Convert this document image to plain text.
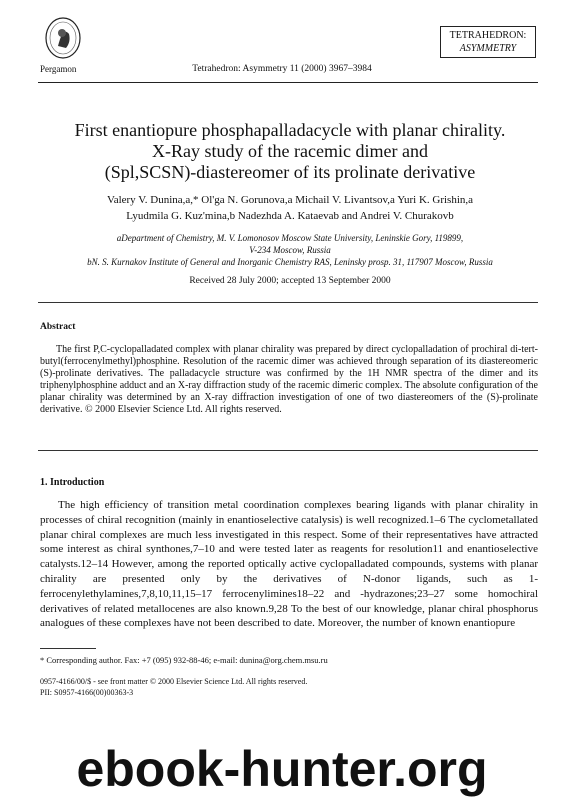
Pergamon	Tetrahedron: Asymmetry 11 (2000) 3967–3984
TETRAHEDRON:
ASYMMETRY
First enantiopure phosphapalladacycle with planar chirality.
X-Ray study of the racemic dimer and
(Spl,SCSN)-diastereomer of its prolinate derivative
Valery V. Dunina,a,* Ol'ga N. Gorunova,a Michail V. Livantsov,a Yuri K. Grishin,a
Lyudmila G. Kuz'mina,b Nadezhda A. Kataevab and Andrei V. Churakovb
aDepartment of Chemistry, M. V. Lomonosov Moscow State University, Leninskie Gory, 119899,
V-234 Moscow, Russia
bN. S. Kurnakov Institute of General and Inorganic Chemistry RAS, Leninsky prosp. 31, 117907 Moscow, Russia
Received 28 July 2000; accepted 13 September 2000
Abstract
The first P,C-cyclopalladated complex with planar chirality was prepared by direct cyclopalladation of prochiral di-tert-butyl(ferrocenylmethyl)phosphine. Resolution of the racemic dimer was achieved through separation of its diastereomeric (S)-prolinate derivatives. The palladacycle structure was confirmed by the 1H NMR spectra of the dimer and its triphenylphosphine adduct and an X-ray diffraction study of the racemic dimeric complex. The absolute configuration of the planar chirality was determined by an X-ray diffraction investigation of one of two diastereomers of the (S)-prolinate derivative. © 2000 Elsevier Science Ltd. All rights reserved.
1. Introduction
The high efficiency of transition metal coordination complexes bearing ligands with planar chirality in processes of chiral recognition (mainly in enantioselective catalysis) is well recognized.1–6 The cyclometallated planar chiral complexes are much less investigated in this respect. Some of their representatives have attracted some interest as chiral synthones,7–10 and were tested later as reagents for resolution11 and enantioselective catalysts.12–14 However, among the reported optically active cyclopalladated compounds, systems with planar chirality are presented only by the derivatives of N-donor ligands, such as 1-ferrocenylethylamines,7,8,10,11,15–17 ferrocenylimines18–22 and -hydrazones;23–27 some homochiral derivatives of related metallocenes are also known.9,28 To the best of our knowledge, planar chiral phosphorus analogues of these complexes have not been described to date. Moreover, the number of known enantiopure
* Corresponding author. Fax: +7 (095) 932-88-46; e-mail: dunina@org.chem.msu.ru
0957-4166/00/$ - see front matter © 2000 Elsevier Science Ltd. All rights reserved.
PII: S0957-4166(00)00363-3
ebook-hunter.org
